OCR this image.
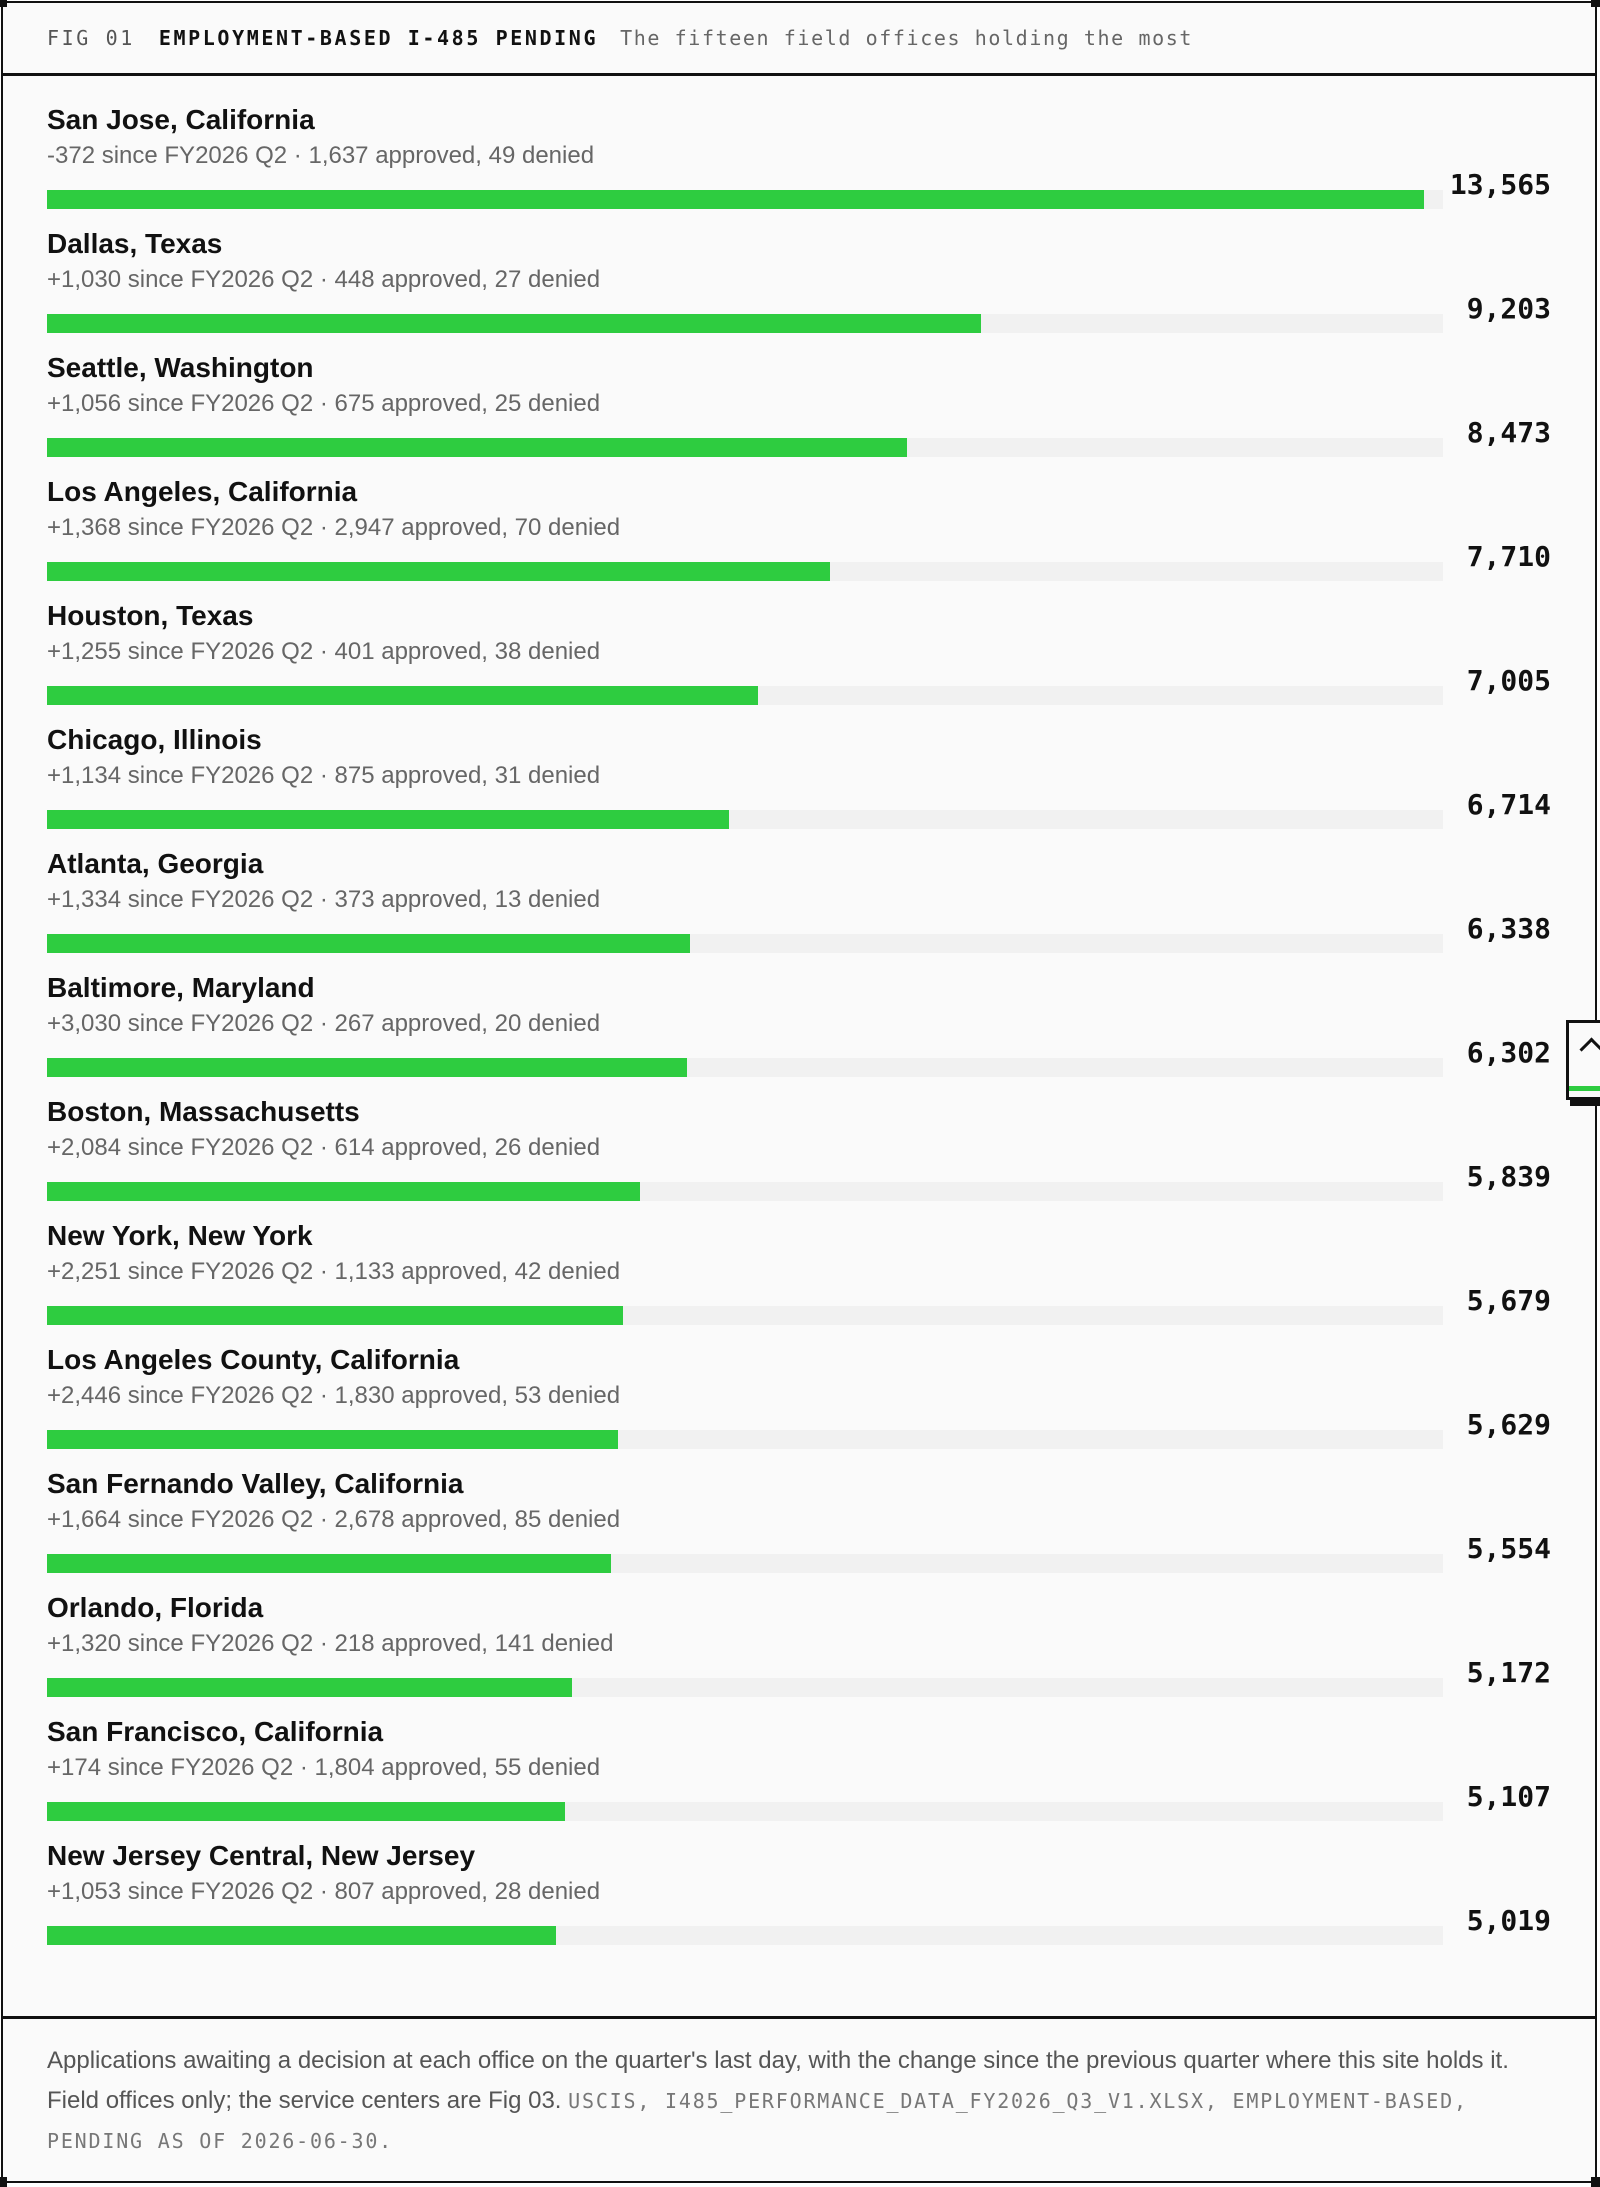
FIG 01 EMPLOYMENT-BASED I-485 PENDING The fifteen field offices holding the most
San Jose, California
-372 since FY2026 Q2 · 1,637 approved, 49 denied
13,565
Dallas, Texas
+1,030 since FY2026 Q2 · 448 approved, 27 denied
9,203
Seattle, Washington
+1,056 since FY2026 Q2 · 675 approved, 25 denied
8,473
Los Angeles, California
+1,368 since FY2026 Q2 · 2,947 approved, 70 denied
7,710
Houston, Texas
+1,255 since FY2026 Q2 · 401 approved, 38 denied
7,005
Chicago, Illinois
+1,134 since FY2026 Q2 · 875 approved, 31 denied
6,714
Atlanta, Georgia
+1,334 since FY2026 Q2 · 373 approved, 13 denied
6,338
Baltimore, Maryland
+3,030 since FY2026 Q2 · 267 approved, 20 denied
6,302
Boston, Massachusetts
+2,084 since FY2026 Q2 · 614 approved, 26 denied
5,839
New York, New York
+2,251 since FY2026 Q2 · 1,133 approved, 42 denied
5,679
Los Angeles County, California
+2,446 since FY2026 Q2 · 1,830 approved, 53 denied
5,629
San Fernando Valley, California
+1,664 since FY2026 Q2 · 2,678 approved, 85 denied
5,554
Orlando, Florida
+1,320 since FY2026 Q2 · 218 approved, 141 denied
5,172
San Francisco, California
+174 since FY2026 Q2 · 1,804 approved, 55 denied
5,107
New Jersey Central, New Jersey
+1,053 since FY2026 Q2 · 807 approved, 28 denied
5,019
Applications awaiting a decision at each office on the quarter's last day, with the change since the previous quarter where this site holds it. Field offices only; the service centers are Fig 03. USCIS, I485_PERFORMANCE_DATA_FY2026_Q3_V1.XLSX, EMPLOYMENT-BASED, PENDING AS OF 2026-06-30.
